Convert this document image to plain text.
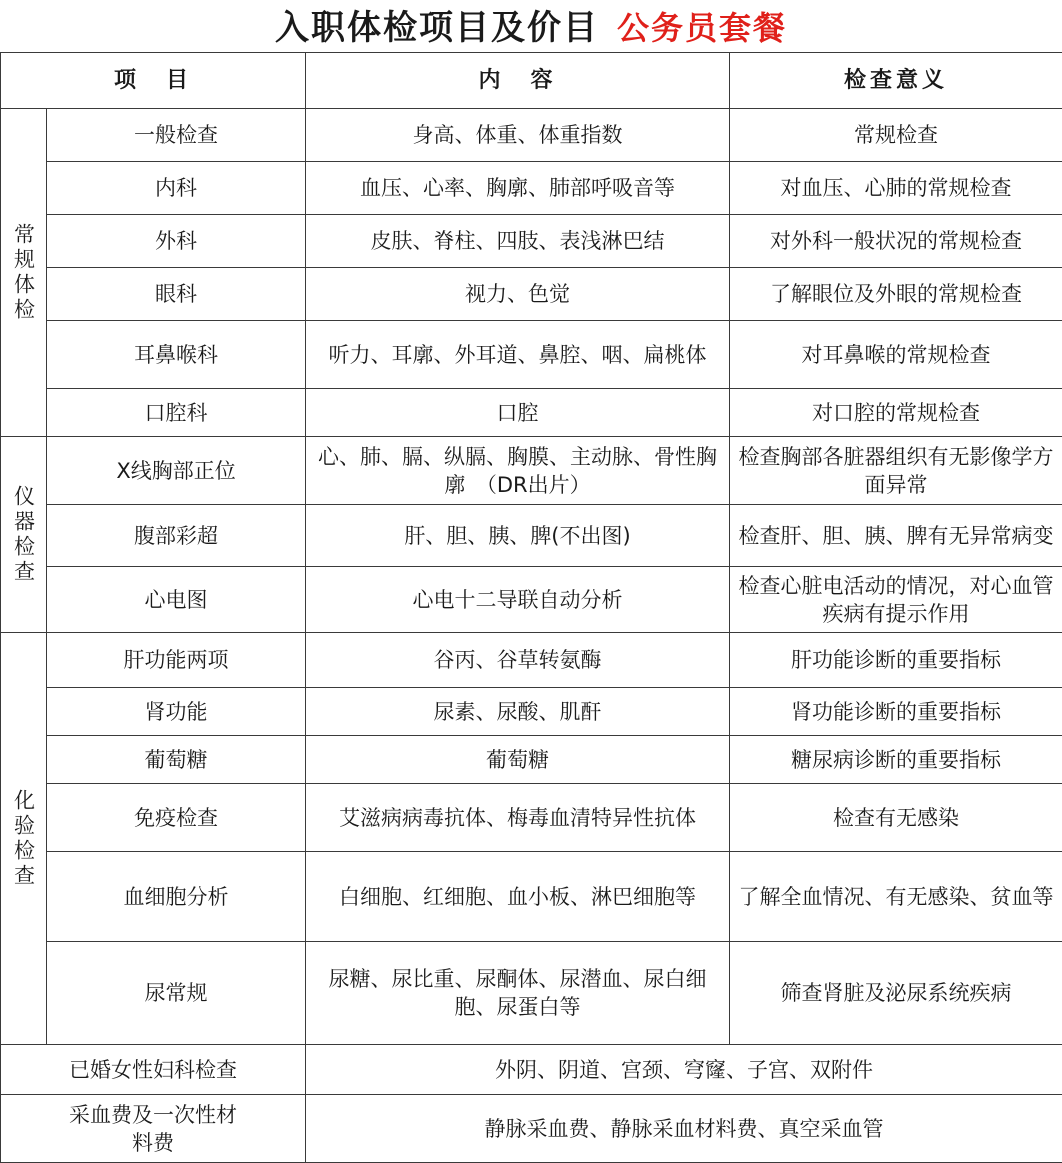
入职体检项目及价目 公务员套餐
项　目		内　容	检查意义
常规体检	一般检查	身高、体重、体重指数	常规检查
	内科	血压、心率、胸廓、肺部呼吸音等	对血压、心肺的常规检查
	外科	皮肤、脊柱、四肢、表浅淋巴结	对外科一般状况的常规检查
	眼科	视力、色觉	了解眼位及外眼的常规检查
	耳鼻喉科	听力、耳廓、外耳道、鼻腔、咽、扁桃体	对耳鼻喉的常规检查
	口腔科	口腔	对口腔的常规检查
仪器检查	X线胸部正位	心、肺、膈、纵膈、胸膜、主动脉、骨性胸廓　（DR出片）	检查胸部各脏器组织有无影像学方面异常
	腹部彩超	肝、胆、胰、脾(不出图)	检查肝、胆、胰、脾有无异常病变
	心电图	心电十二导联自动分析	检查心脏电活动的情况，对心血管疾病有提示作用
化验检查	肝功能两项	谷丙、谷草转氨酶	肝功能诊断的重要指标
	肾功能	尿素、尿酸、肌酐	肾功能诊断的重要指标
	葡萄糖	葡萄糖	糖尿病诊断的重要指标
	免疫检查	艾滋病病毒抗体、梅毒血清特异性抗体	检查有无感染
	血细胞分析	白细胞、红细胞、血小板、淋巴细胞等	了解全血情况、有无感染、贫血等
	尿常规	尿糖、尿比重、尿酮体、尿潜血、尿白细胞、尿蛋白等	筛查肾脏及泌尿系统疾病
已婚女性妇科检查		外阴、阴道、宫颈、穹窿、子宫、双附件	
采血费及一次性材料费		静脉采血费、静脉采血材料费、真空采血管	
